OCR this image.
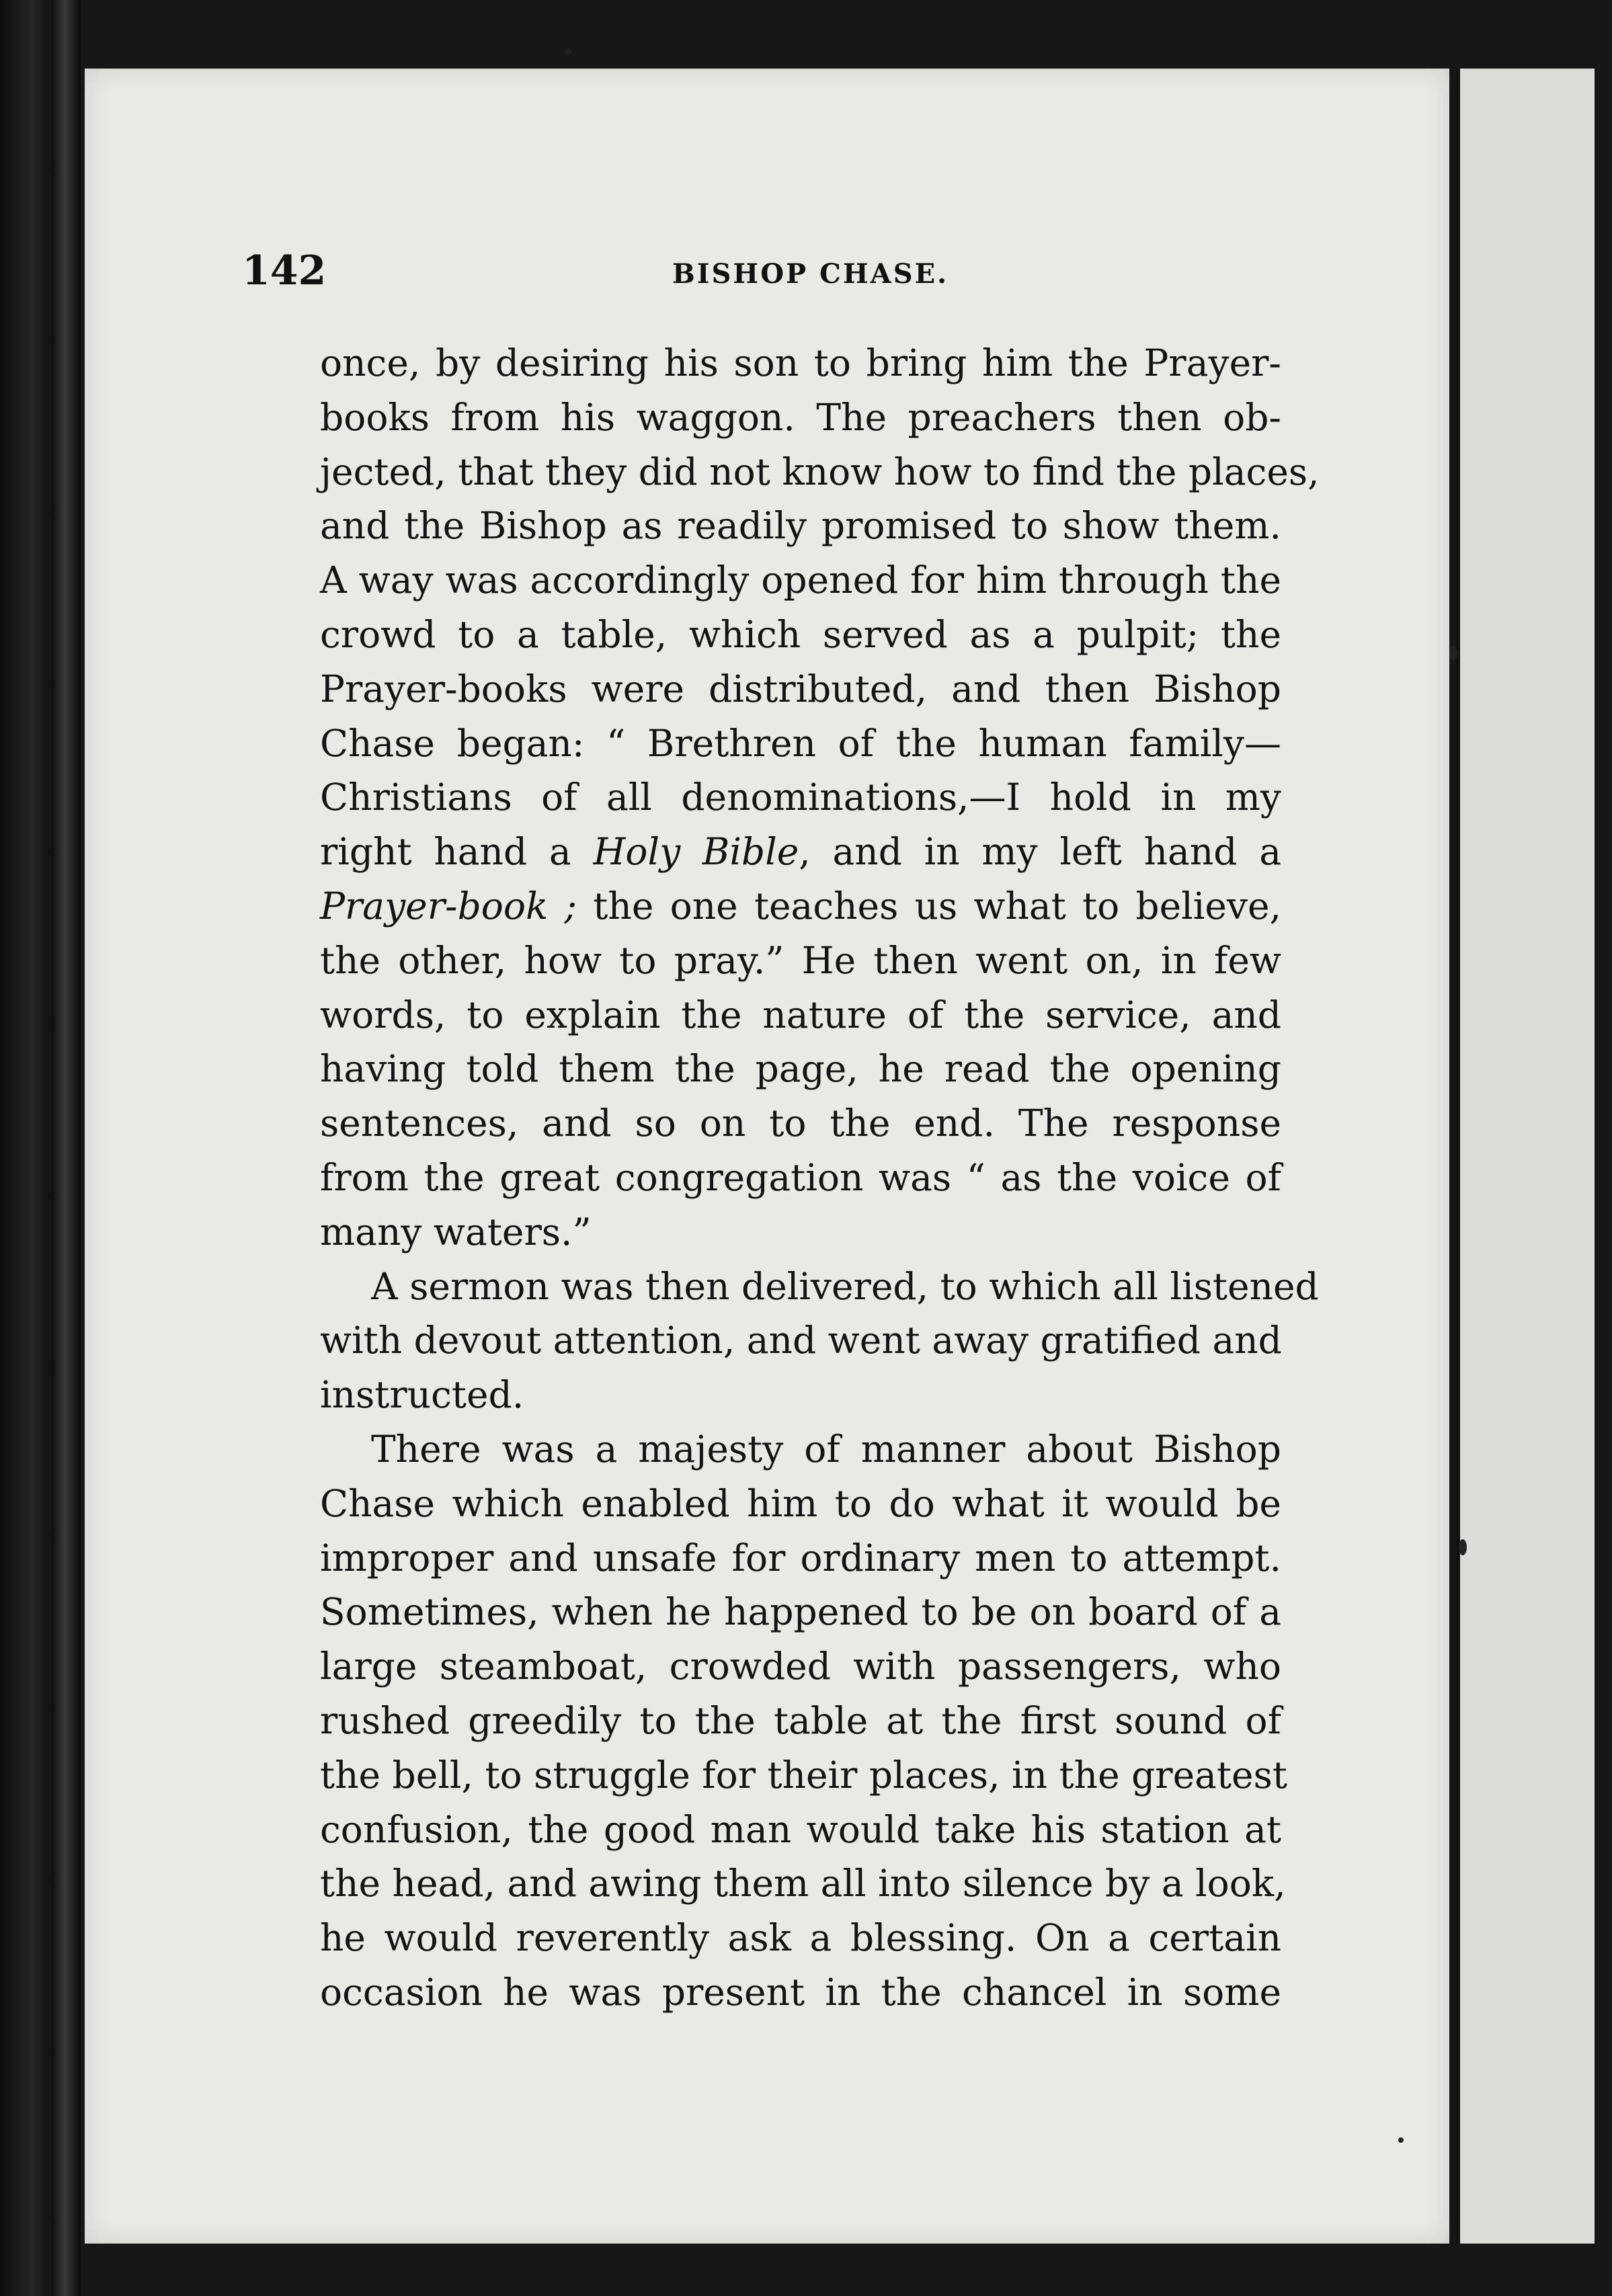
142	BISHOP CHASE.
once, by desiring his son to bring him the Prayer-
books from his waggon. The preachers then ob-
jected, that they did not know how to find the places,
and the Bishop as readily promised to show them.
A way was accordingly opened for him through the
crowd to a table, which served as a pulpit; the
Prayer-books were distributed, and then Bishop
Chase began: “ Brethren of the human family—
Christians of all denominations,—I hold in my
right hand a Holy Bible, and in my left hand a
Prayer-book ; the one teaches us what to believe,
the other, how to pray.” He then went on, in few
words, to explain the nature of the service, and
having told them the page, he read the opening
sentences, and so on to the end. The response
from the great congregation was “ as the voice of
many waters.”
A sermon was then delivered, to which all listened
with devout attention, and went away gratified and
instructed.
There was a majesty of manner about Bishop
Chase which enabled him to do what it would be
improper and unsafe for ordinary men to attempt.
Sometimes, when he happened to be on board of a
large steamboat, crowded with passengers, who
rushed greedily to the table at the first sound of
the bell, to struggle for their places, in the greatest
confusion, the good man would take his station at
the head, and awing them all into silence by a look,
he would reverently ask a blessing. On a certain
occasion he was present in the chancel in some
